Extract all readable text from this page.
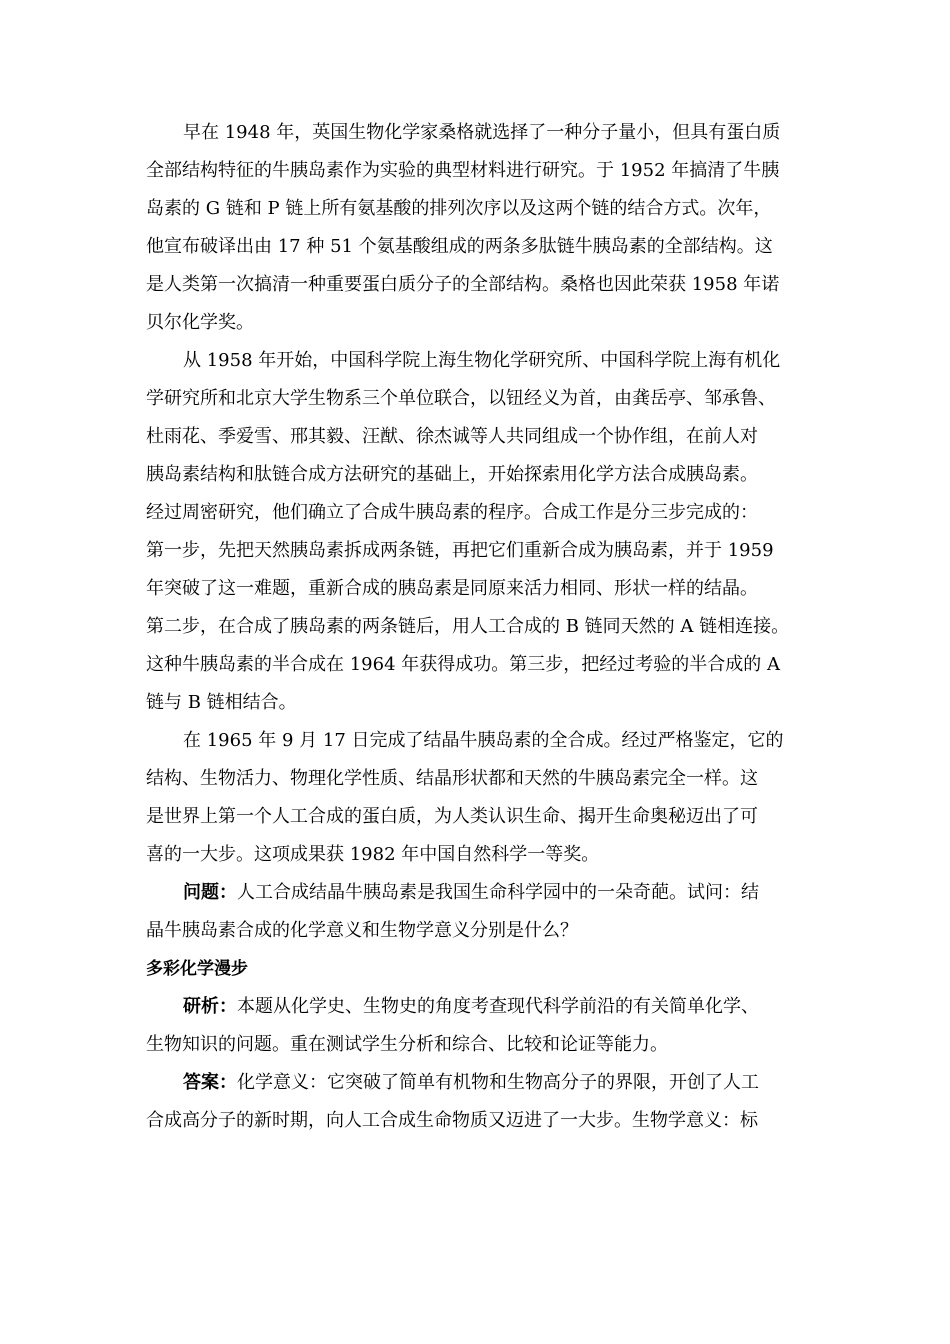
早在 1948 年，英国生物化学家桑格就选择了一种分子量小，但具有蛋白质
全部结构特征的牛胰岛素作为实验的典型材料进行研究。于 1952 年搞清了牛胰
岛素的 G 链和 P 链上所有氨基酸的排列次序以及这两个链的结合方式。次年，
他宣布破译出由 17 种 51 个氨基酸组成的两条多肽链牛胰岛素的全部结构。这
是人类第一次搞清一种重要蛋白质分子的全部结构。桑格也因此荣获 1958 年诺
贝尔化学奖。
从 1958 年开始，中国科学院上海生物化学研究所、中国科学院上海有机化
学研究所和北京大学生物系三个单位联合，以钮经义为首，由龚岳亭、邹承鲁、
杜雨花、季爱雪、邢其毅、汪猷、徐杰诚等人共同组成一个协作组，在前人对
胰岛素结构和肽链合成方法研究的基础上，开始探索用化学方法合成胰岛素。
经过周密研究，他们确立了合成牛胰岛素的程序。合成工作是分三步完成的：
第一步，先把天然胰岛素拆成两条链，再把它们重新合成为胰岛素，并于 1959
年突破了这一难题，重新合成的胰岛素是同原来活力相同、形状一样的结晶。
第二步，在合成了胰岛素的两条链后，用人工合成的 B 链同天然的 A 链相连接。
这种牛胰岛素的半合成在 1964 年获得成功。第三步，把经过考验的半合成的 A
链与 B 链相结合。
在 1965 年 9 月 17 日完成了结晶牛胰岛素的全合成。经过严格鉴定，它的
结构、生物活力、物理化学性质、结晶形状都和天然的牛胰岛素完全一样。这
是世界上第一个人工合成的蛋白质，为人类认识生命、揭开生命奥秘迈出了可
喜的一大步。这项成果获 1982 年中国自然科学一等奖。
问题：人工合成结晶牛胰岛素是我国生命科学园中的一朵奇葩。试问：结
晶牛胰岛素合成的化学意义和生物学意义分别是什么？
多彩化学漫步
研析：本题从化学史、生物史的角度考查现代科学前沿的有关简单化学、
生物知识的问题。重在测试学生分析和综合、比较和论证等能力。
答案：化学意义：它突破了简单有机物和生物高分子的界限，开创了人工
合成高分子的新时期，向人工合成生命物质又迈进了一大步。生物学意义：标
